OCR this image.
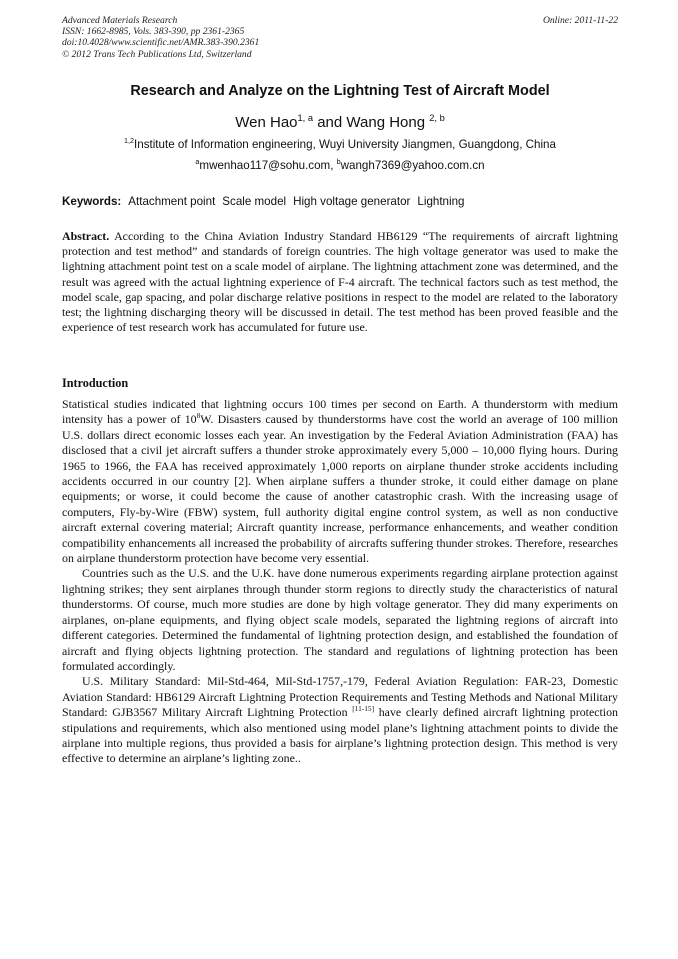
Advanced Materials Research
ISSN: 1662-8985, Vols. 383-390, pp 2361-2365
doi:10.4028/www.scientific.net/AMR.383-390.2361
© 2012 Trans Tech Publications Ltd, Switzerland
Online: 2011-11-22
Research and Analyze on the Lightning Test of Aircraft Model
Wen Hao$^{1, a}$ and Wang Hong $^{2, b}$
$^{1,2}$Institute of Information engineering, Wuyi University Jiangmen, Guangdong, China
$^a$mwenhao117@sohu.com, $^b$wangh7369@yahoo.com.cn
Keywords: Attachment point Scale model High voltage generator Lightning
Abstract. According to the China Aviation Industry Standard HB6129 “The requirements of aircraft lightning protection and test method” and standards of foreign countries. The high voltage generator was used to make the lightning attachment point test on a scale model of airplane. The lightning attachment zone was determined, and the result was agreed with the actual lightning experience of F-4 aircraft. The technical factors such as test method, the model scale, gap spacing, and polar discharge relative positions in respect to the model are related to the laboratory test; the lightning discharging theory will be discussed in detail. The test method has been proved feasible and the experience of test research work has accumulated for future use.
Introduction

Statistical studies indicated that lightning occurs 100 times per second on Earth. A thunderstorm with medium intensity has a power of $10^8W$. Disasters caused by thunderstorms have cost the world an average of 100 million U.S. dollars direct economic losses each year. An investigation by the Federal Aviation Administration (FAA) has disclosed that a civil jet aircraft suffers a thunder stroke approximately every 5,000 – 10,000 flying hours. During 1965 to 1966, the FAA has received approximately 1,000 reports on airplane thunder stroke accidents including accidents occurred in our country [2]. When airplane suffers a thunder stroke, it could either damage on plane equipments; or worse, it could become the cause of another catastrophic crash. With the increasing usage of computers, Fly-by-Wire (FBW) system, full authority digital engine control system, as well as non conductive aircraft external covering material; Aircraft quantity increase, performance enhancements, and weather condition compatibility enhancements all increased the probability of aircrafts suffering thunder strokes. Therefore, researches on airplane thunderstorm protection have become very essential.

Countries such as the U.S. and the U.K. have done numerous experiments regarding airplane protection against lightning strikes; they sent airplanes through thunder storm regions to directly study the characteristics of natural thunderstorms. Of course, much more studies are done by high voltage generator. They did many experiments on airplanes, on-plane equipments, and flying object scale models, separated the lightning regions of aircraft into different categories. Determined the fundamental of lightning protection design, and established the foundation of aircraft and flying objects lightning protection. The standard and regulations of lightning protection has been formulated accordingly.

U.S. Military Standard: Mil-Std-464, Mil-Std-1757,-179, Federal Aviation Regulation: FAR-23, Domestic Aviation Standard: HB6129 Aircraft Lightning Protection Requirements and Testing Methods and National Military Standard: GJB3567 Military Aircraft Lightning Protection [11-15] have clearly defined aircraft lightning protection stipulations and requirements, which also mentioned using model plane’s lightning attachment points to divide the airplane into multiple regions, thus provided a basis for airplane’s lightning protection design. This method is very effective to determine an airplane’s lighting zone..
